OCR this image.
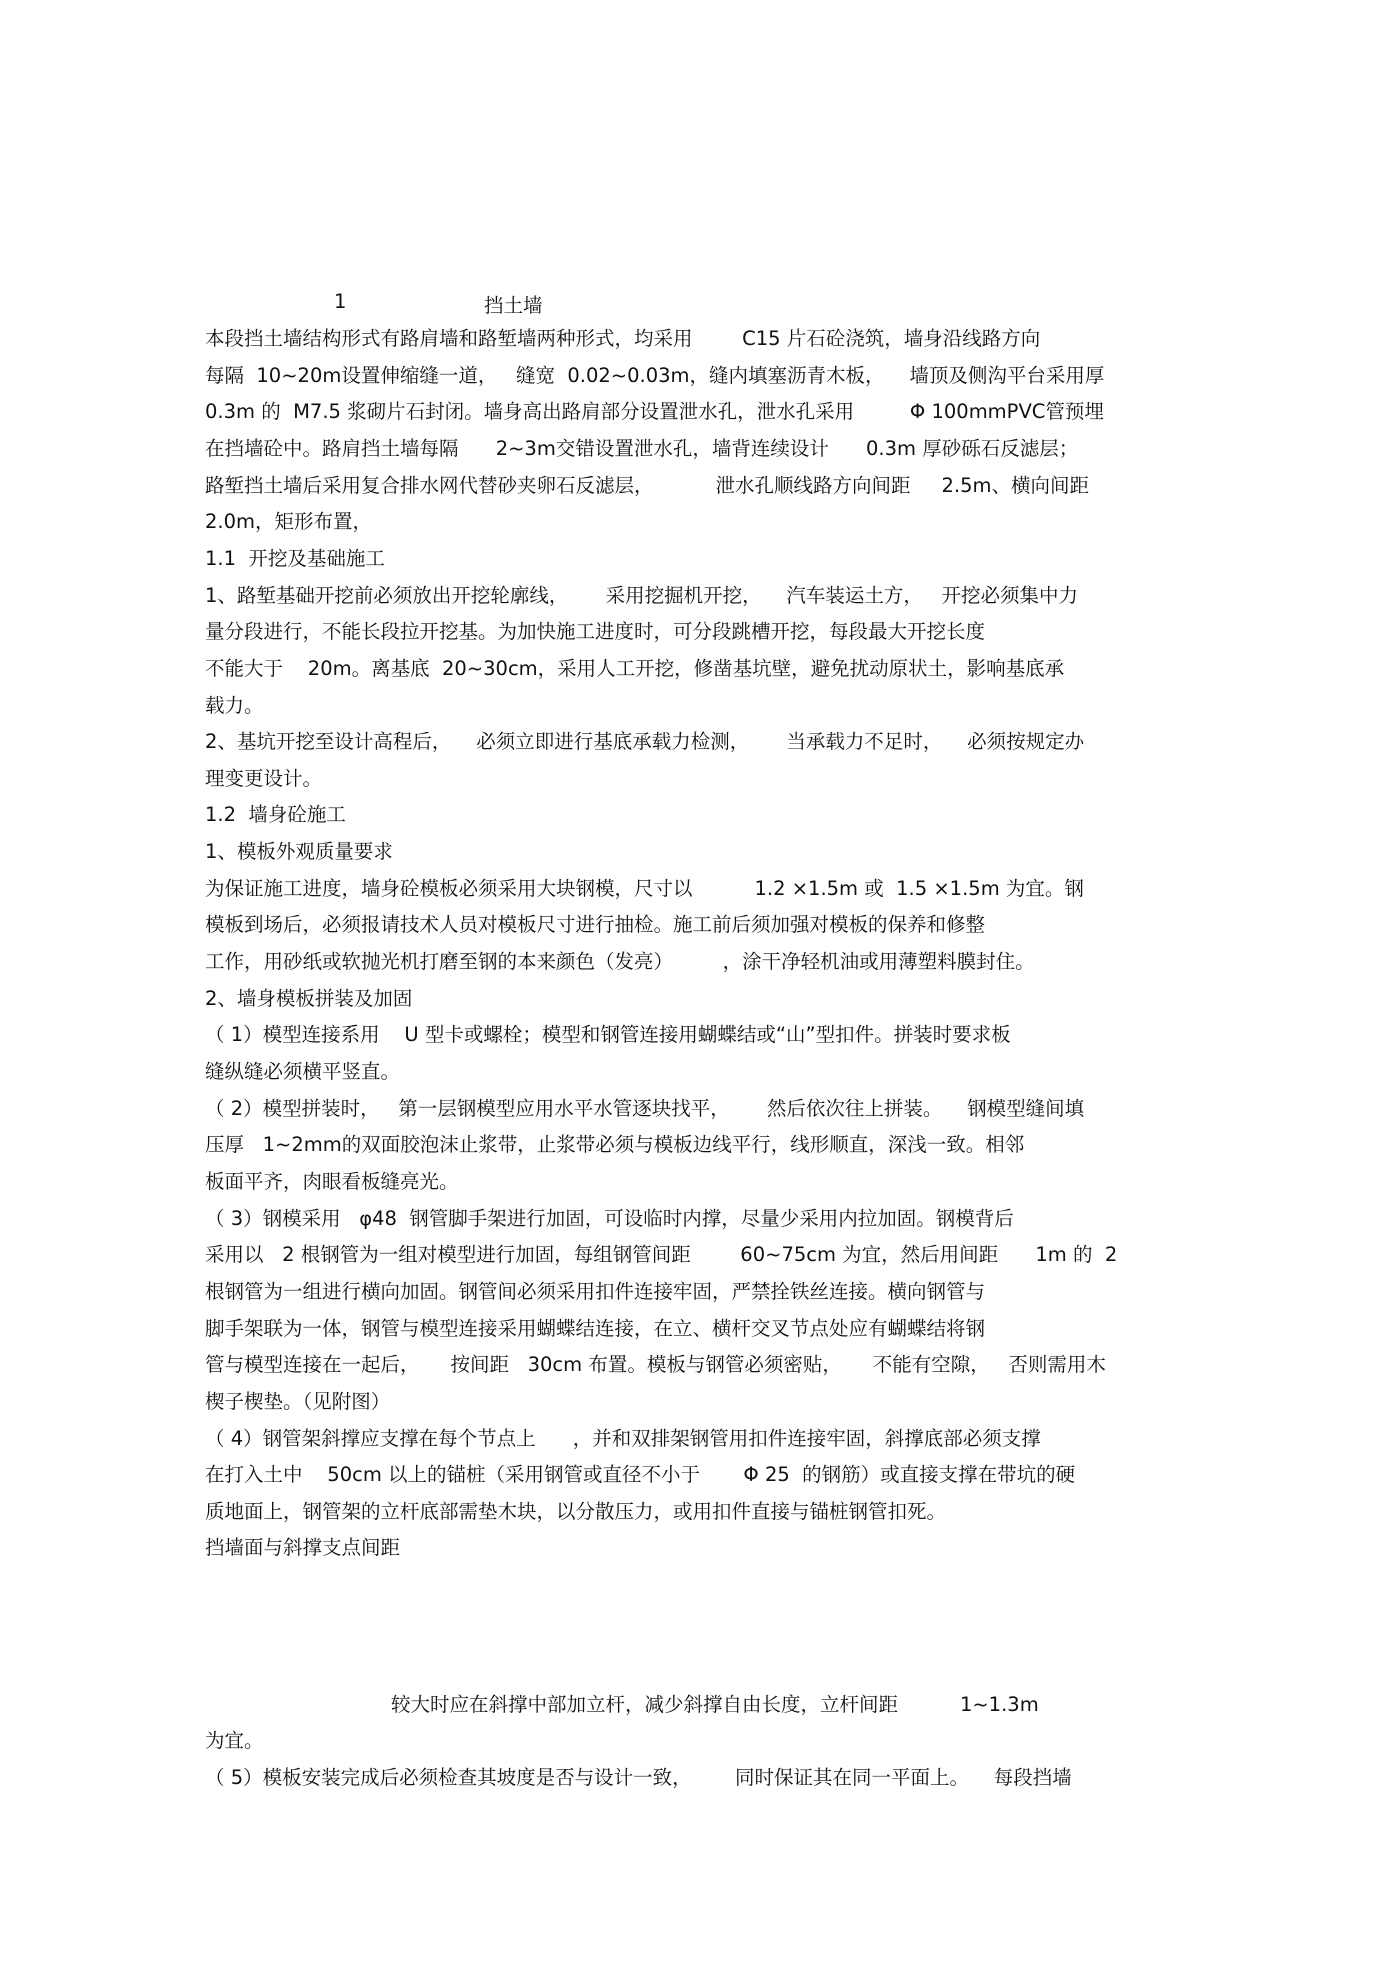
1	挡土墙
本段挡土墙结构形式有路肩墙和路堑墙两种形式，均采用        C15 片石砼浇筑，墙身沿线路方向
每隔  10~20m设置伸缩缝一道，   缝宽  0.02~0.03m，缝内填塞沥青木板，    墙顶及侧沟平台采用厚
0.3m 的  M7.5 浆砌片石封闭。墙身高出路肩部分设置泄水孔，泄水孔采用         Φ 100mmPVC管预埋
在挡墙砼中。路肩挡土墙每隔      2~3m交错设置泄水孔，墙背连续设计      0.3m 厚砂砾石反滤层；
路堑挡土墙后采用复合排水网代替砂夹卵石反滤层，          泄水孔顺线路方向间距     2.5m、横向间距
2.0m，矩形布置，
1.1  开挖及基础施工
1、路堑基础开挖前必须放出开挖轮廓线，      采用挖掘机开挖，    汽车装运土方，   开挖必须集中力
量分段进行，不能长段拉开挖基。为加快施工进度时，可分段跳槽开挖，每段最大开挖长度
不能大于    20m。离基底  20~30cm，采用人工开挖，修凿基坑壁，避免扰动原状土，影响基底承
载力。
2、基坑开挖至设计高程后，    必须立即进行基底承载力检测，      当承载力不足时，    必须按规定办
理变更设计。
1.2  墙身砼施工
1、模板外观质量要求
为保证施工进度，墙身砼模板必须采用大块钢模，尺寸以          1.2 ×1.5m 或  1.5 ×1.5m 为宜。钢
模板到场后，必须报请技术人员对模板尺寸进行抽检。施工前后须加强对模板的保养和修整
工作，用砂纸或软抛光机打磨至钢的本来颜色（发亮）        ，涂干净轻机油或用薄塑料膜封住。
2、墙身模板拼装及加固
（ 1）模型连接系用    U 型卡或螺栓；模型和钢管连接用蝴蝶结或“山”型扣件。拼装时要求板
缝纵缝必须横平竖直。
（ 2）模型拼装时，   第一层钢模型应用水平水管逐块找平，      然后依次往上拼装。    钢模型缝间填
压厚   1~2mm的双面胶泡沫止浆带，止浆带必须与模板边线平行，线形顺直，深浅一致。相邻
板面平齐，肉眼看板缝亮光。
（ 3）钢模采用   φ48  钢管脚手架进行加固，可设临时内撑，尽量少采用内拉加固。钢模背后
采用以   2 根钢管为一组对模型进行加固，每组钢管间距        60~75cm 为宜，然后用间距      1m 的  2
根钢管为一组进行横向加固。钢管间必须采用扣件连接牢固，严禁拴铁丝连接。横向钢管与
脚手架联为一体，钢管与模型连接采用蝴蝶结连接，在立、横杆交叉节点处应有蝴蝶结将钢
管与模型连接在一起后，     按间距   30cm 布置。模板与钢管必须密贴，     不能有空隙，   否则需用木
楔子楔垫。（见附图）
（ 4）钢管架斜撑应支撑在每个节点上      ，并和双排架钢管用扣件连接牢固，斜撑底部必须支撑
在打入土中    50cm 以上的锚桩（采用钢管或直径不小于       Φ 25  的钢筋）或直接支撑在带坑的硬
质地面上，钢管架的立杆底部需垫木块，以分散压力，或用扣件直接与锚桩钢管扣死。
挡墙面与斜撑支点间距
较大时应在斜撑中部加立杆，减少斜撑自由长度，立杆间距          1~1.3m
为宜。
（ 5）模板安装完成后必须检查其坡度是否与设计一致，       同时保证其在同一平面上。    每段挡墙
